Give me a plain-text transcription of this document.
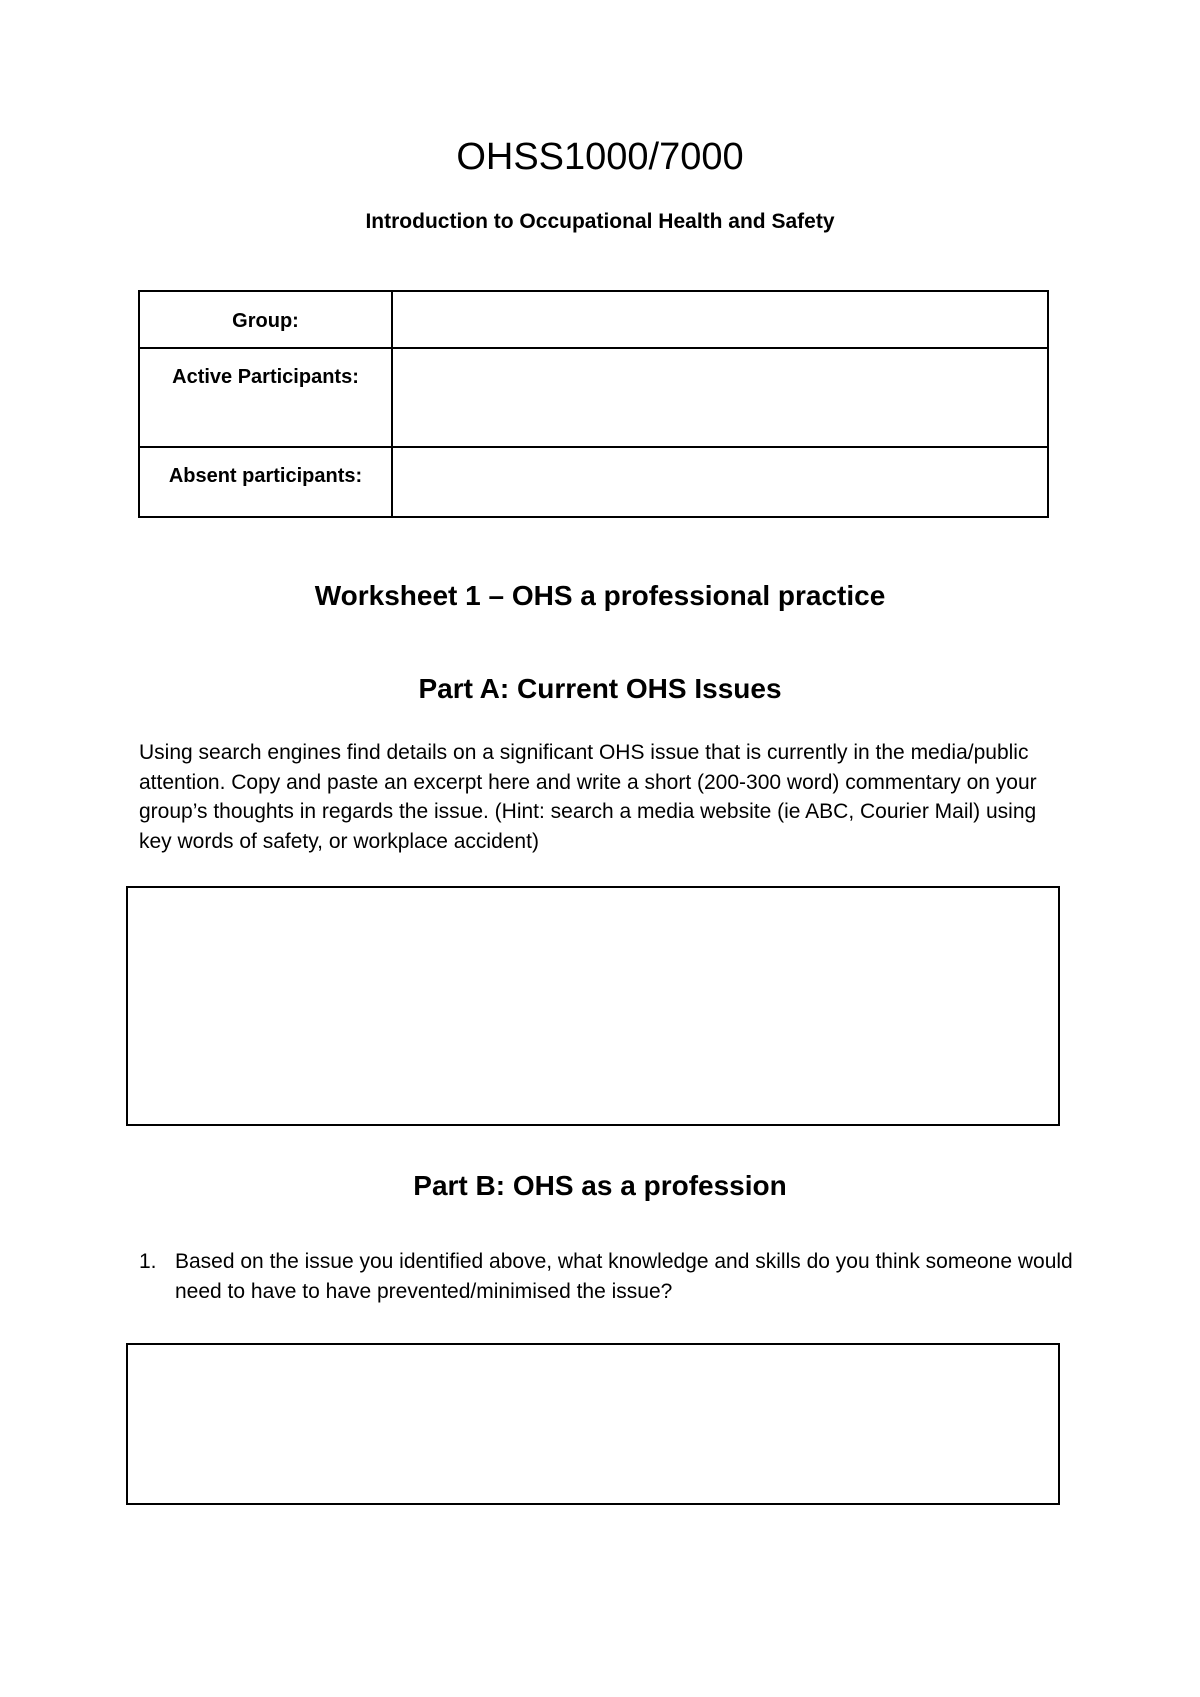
OHSS1000/7000
Introduction to Occupational Health and Safety
Group:	
Active Participants:	
Absent participants:	
Worksheet 1 – OHS a professional practice
Part A: Current OHS Issues

Using search engines find details on a significant OHS issue that is currently in the media/public attention. Copy and paste an excerpt here and write a short (200-300 word) commentary on your group’s thoughts in regards the issue. (Hint: search a media website (ie ABC, Courier Mail) using key words of safety, or workplace accident)

Part B: OHS as a profession
1. Based on the issue you identified above, what knowledge and skills do you think someone would need to have to have prevented/minimised the issue?
